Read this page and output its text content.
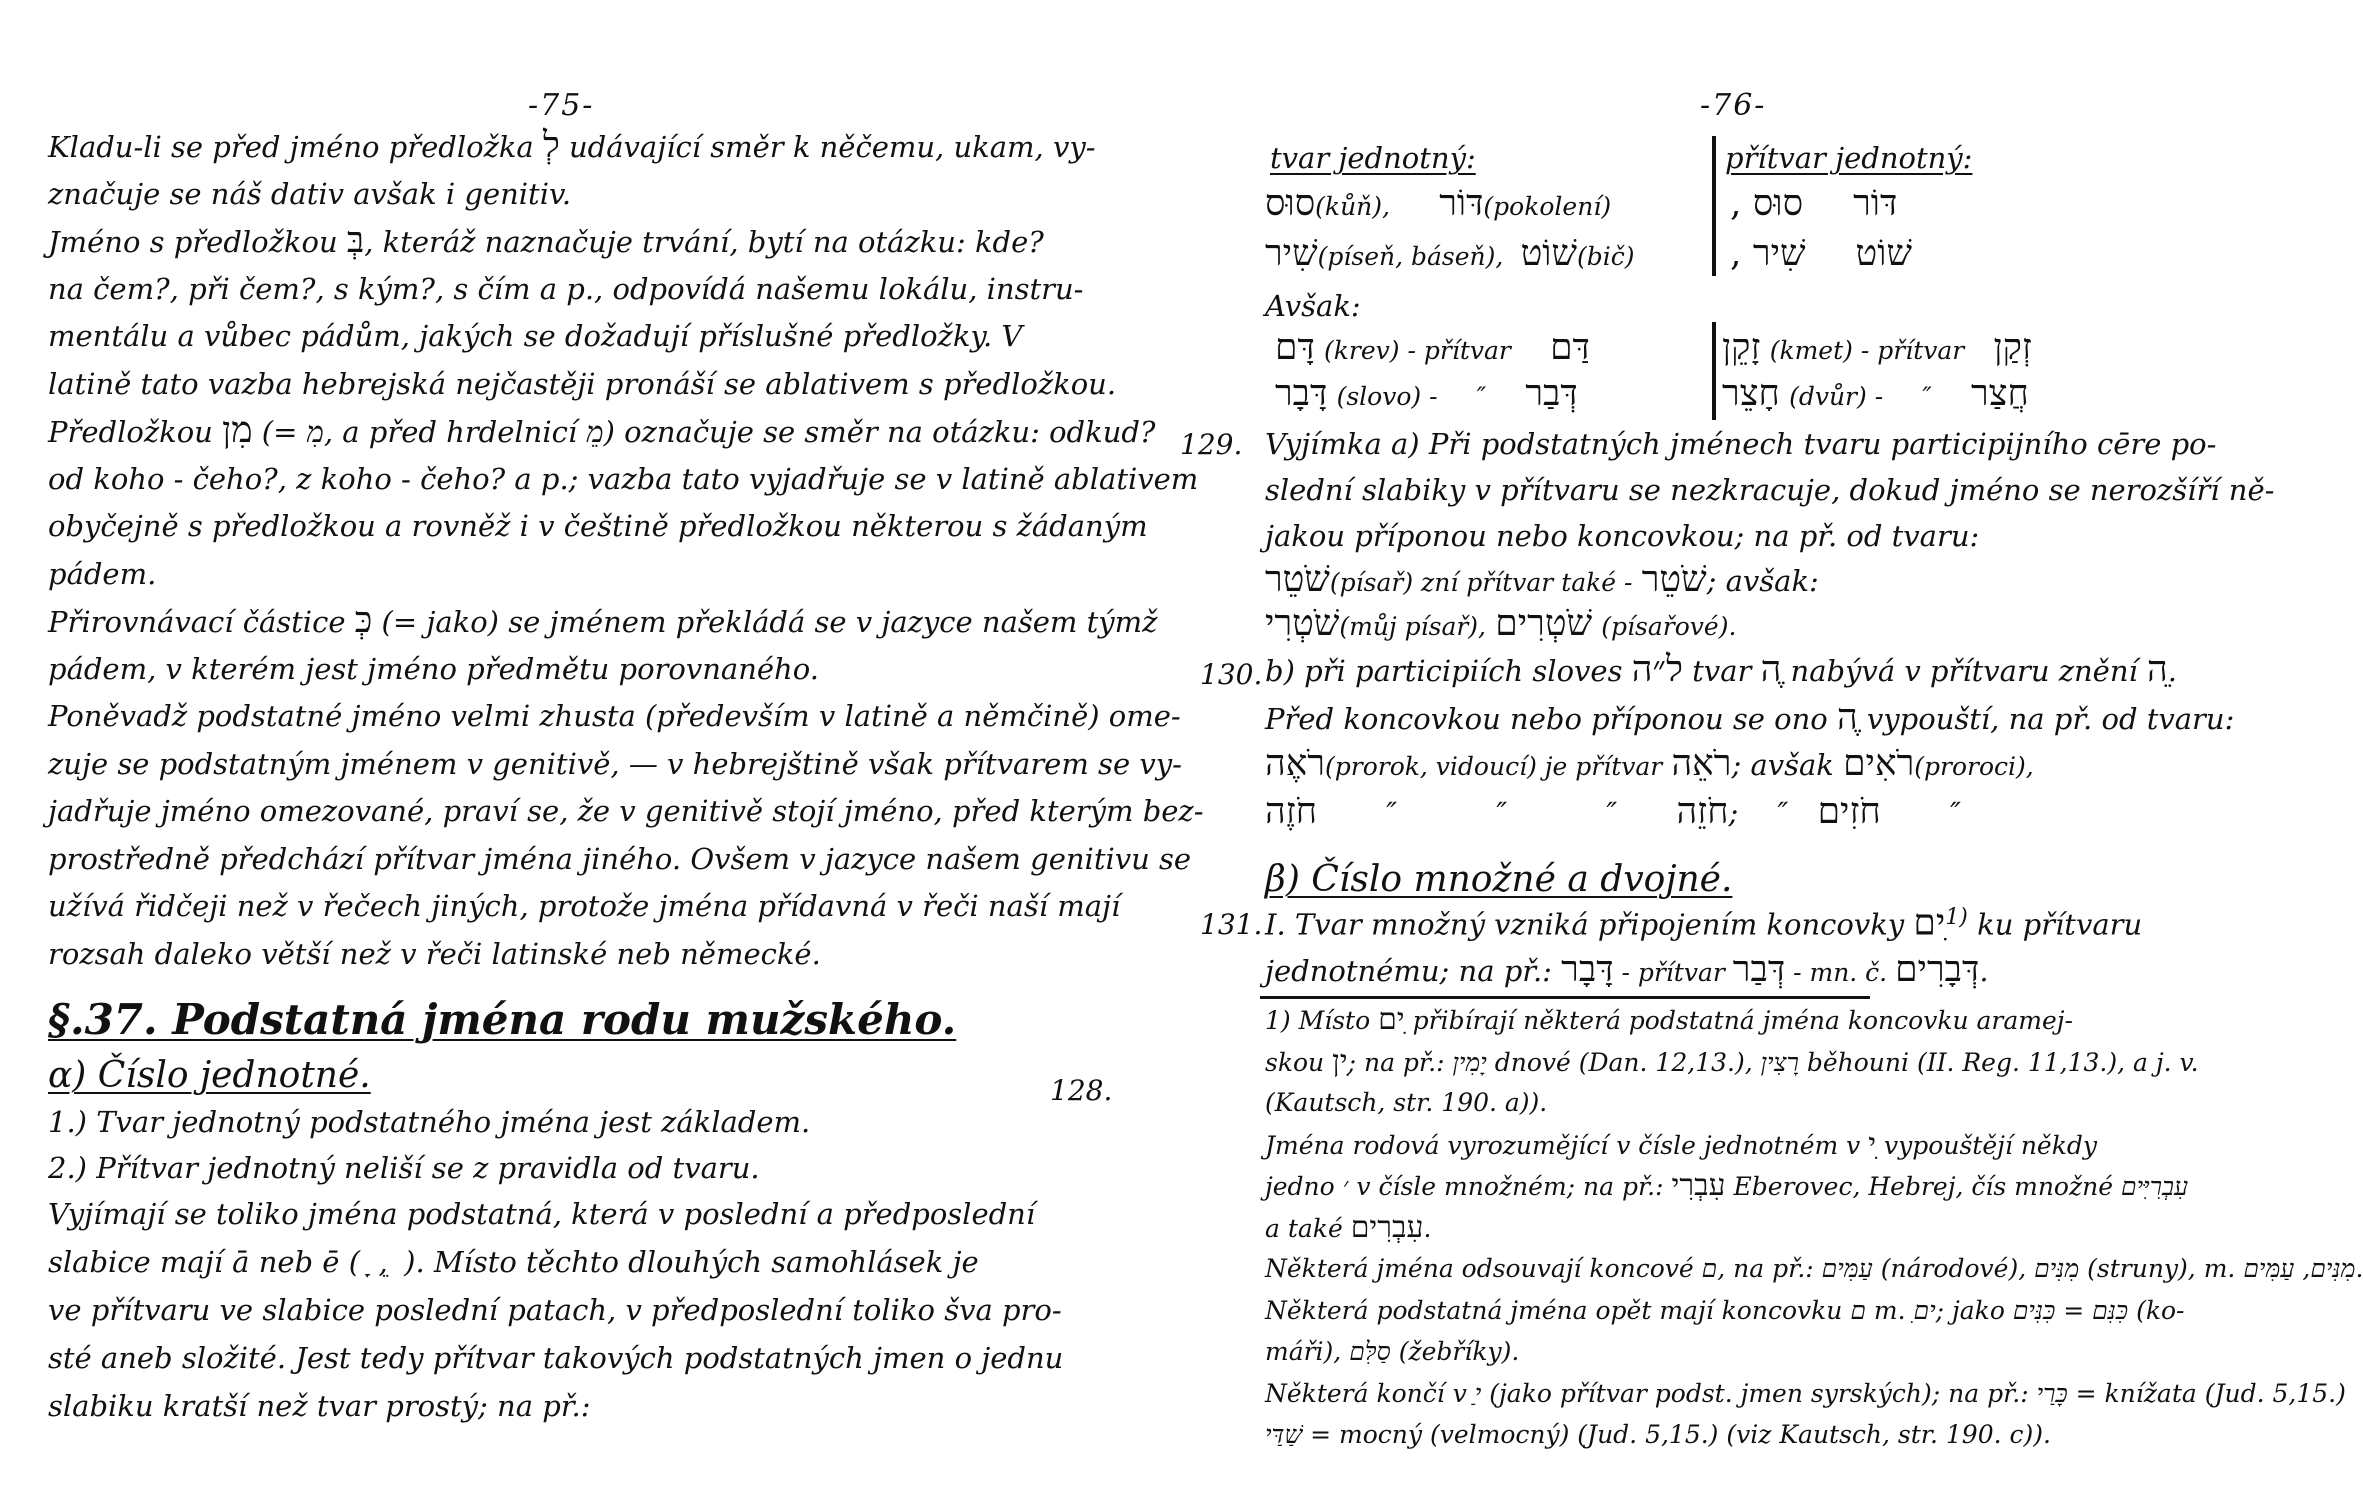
-75-
Kladu-li se před jméno předložka לְ udávající směr k něčemu, ukam, vy-
značuje se náš dativ avšak i genitiv.
Jméno s předložkou בְּ, kteráž naznačuje trvání, bytí na otázku: kde?
na čem?, při čem?, s kým?, s čím a p., odpovídá našemu lokálu, instru-
mentálu a vůbec pádům, jakých se dožadují příslušné předložky. V
latině tato vazba hebrejská nejčastěji pronáší se ablativem s předložkou.
Předložkou מִן (= מִ, a před hrdelnicí מֵ) označuje se směr na otázku: odkud?
od koho - čeho?, z koho - čeho? a p.; vazba tato vyjadřuje se v latině ablativem
obyčejně s předložkou a rovněž i v češtině předložkou některou s žádaným
pádem.
Přirovnávací částice כְּ (= jako) se jménem překládá se v jazyce našem týmž
pádem, v kterém jest jméno předmětu porovnaného.
Poněvadž podstatné jméno velmi zhusta (především v latině a němčině) ome-
zuje se podstatným jménem v genitivě, — v hebrejštině však přítvarem se vy-
jadřuje jméno omezované, praví se, že v genitivě stojí jméno, před kterým bez-
prostředně předchází přítvar jména jiného. Ovšem v jazyce našem genitivu se
užívá řidčeji než v řečech jiných, protože jména přídavná v řeči naší mají
rozsah daleko větší než v řeči latinské neb německé.
§.37. Podstatná jména rodu mužského.
α) Číslo jednotné.	128.
1.) Tvar jednotný podstatného jména jest základem.
2.) Přítvar jednotný neliší se z pravidla od tvaru.
Vyjímají se toliko jména podstatná, která v poslední a předposlední
slabice mají ā neb ē ( ָ , ֵ ). Místo těchto dlouhých samohlásek je
ve přítvaru ve slabice poslední patach, v předposlední toliko šva pro-
sté aneb složité. Jest tedy přítvar takových podstatných jmen o jednu
slabiku kratší než tvar prostý; na př.:
-76-
tvar jednotný:	přítvar jednotný:
סוּס(kůň), דּוֹר(pokolení)	סוּס , דּוֹר
שִׁיר(píseň, báseň), שׁוֹט(bič)	שִׁיר , שׁוֹט
Avšak:
דָּם (krev) - přítvar דַּם	זָקֵן (kmet) - přítvar זְקַן
דָּבָר (slovo) - ″ דְּבַר	חָצֵר (dvůr) - ″ חֲצַר
129. Vyjímka a) Při podstatných jménech tvaru participijního cēre po-
slední slabiky v přítvaru se nezkracuje, dokud jméno se nerozšíří ně-
jakou příponou nebo koncovkou; na př. od tvaru:
שֹׁטֵר(písař) zní přítvar také - שֹׁטֵר; avšak:
שֹׁטְרִי(můj písař), שֹׁטְרִים (písařové).
130. b) při participiích sloves ל״ה tvar ֶה nabývá v přítvaru znění ֵה.
Před koncovkou nebo příponou se ono ֶה vypouští, na př. od tvaru:
רֹאֶה(prorok, vidoucí) je přítvar רֹאֵה; avšak רֹאִים(proroci),
חֹזֶה ″	″	″ חֹזֵה; ″ חֹזִים ″
β) Číslo množné a dvojné.
131. I. Tvar množný vzniká připojením koncovky ִים$^{1)}$ ku přítvaru
jednotnému; na př.: דָּבָר - přítvar דְּבַר - mn. č. דְּבָרִים.
1) Místo ִים přibírají některá podstatná jména koncovku aramej-
skou ִין; na př.: יָמִין dnové (Dan. 12,13.), רָצִין běhouni (II. Reg. 11,13.), a j. v.
(Kautsch, str. 190. a)).
Jména rodová vyrozumějící v čísle jednotném v ִי vypouštějí někdy
jedno ׳ v čísle množném; na př.: עִבְרִי Eberovec, Hebrej, čís množné עִבְרִיִּים
a také עִבְרִים.
Některá jména odsouvají koncové ם, na př.: עַמִּים (národové), מִנִּים (struny), m. מִנִּים, עַמִּים.
Některá podstatná jména opět mají koncovku ם m. ִים; jako כִּנִּם = כִּנִּים (ko-
máři), סַלִּם (žebříky).
Některá končí v ַי (jako přítvar podst. jmen syrských); na př.: כָּרַי = knížata (Jud. 5,15.)
שַׁדַּי = mocný (velmocný) (Jud. 5,15.) (viz Kautsch, str. 190. c)).
